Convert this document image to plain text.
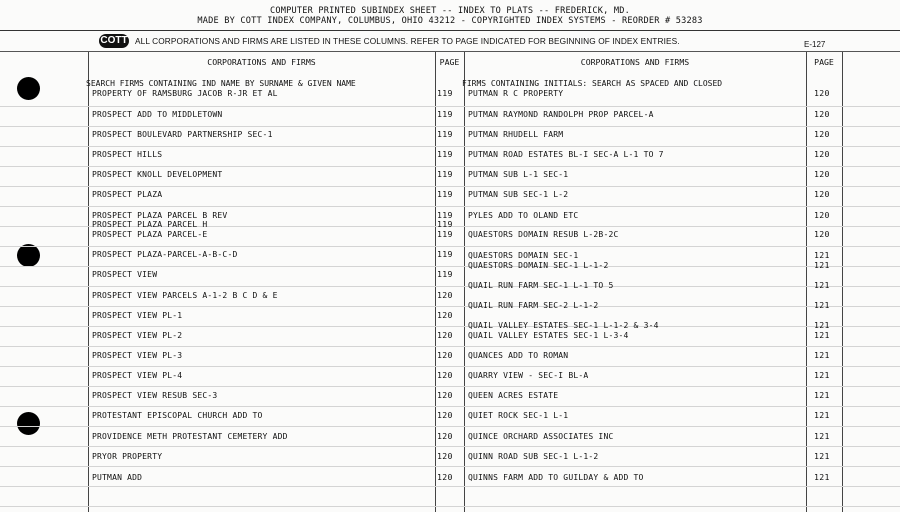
COMPUTER PRINTED SUBINDEX SHEET -- INDEX TO PLATS -- FREDERICK, MD.
MADE BY COTT INDEX COMPANY, COLUMBUS, OHIO 43212 - COPYRIGHTED INDEX SYSTEMS - REORDER # 53283
COTT ALL CORPORATIONS AND FIRMS ARE LISTED IN THESE COLUMNS. REFER TO PAGE INDICATED FOR BEGINNING OF INDEX ENTRIES.	E-127
CORPORATIONS AND FIRMS	PAGE	CORPORATIONS AND FIRMS	PAGE
SEARCH FIRMS CONTAINING IND NAME BY SURNAME & GIVEN NAME	FIRMS CONTAINING INITIALS: SEARCH AS SPACED AND CLOSED
PROPERTY OF RAMSBURG JACOB R-JR ET AL	119
PROSPECT ADD TO MIDDLETOWN	119
PROSPECT BOULEVARD PARTNERSHIP SEC-1	119
PROSPECT HILLS	119
PROSPECT KNOLL DEVELOPMENT	119
PROSPECT PLAZA	119
PROSPECT PLAZA PARCEL B REV	119
PROSPECT PLAZA PARCEL H	119
PROSPECT PLAZA PARCEL-E	119
PROSPECT PLAZA-PARCEL-A-B-C-D	119
PROSPECT VIEW	119
PROSPECT VIEW PARCELS A-1-2 B C D & E	120
PROSPECT VIEW PL-1	120
PROSPECT VIEW PL-2	120
PROSPECT VIEW PL-3	120
PROSPECT VIEW PL-4	120
PROSPECT VIEW RESUB SEC-3	120
PROTESTANT EPISCOPAL CHURCH ADD TO	120
PROVIDENCE METH PROTESTANT CEMETERY ADD	120
PRYOR PROPERTY	120
PUTMAN ADD	120
PUTMAN R C PROPERTY	120
PUTMAN RAYMOND RANDOLPH PROP PARCEL-A	120
PUTMAN RHUDELL FARM	120
PUTMAN ROAD ESTATES BL-I SEC-A L-1 TO 7	120
PUTMAN SUB L-1 SEC-1	120
PUTMAN SUB SEC-1 L-2	120
PYLES ADD TO OLAND ETC	120
QUAESTORS DOMAIN RESUB L-2B-2C	120
QUAESTORS DOMAIN SEC-1	121
QUAESTORS DOMAIN SEC-1 L-1-2	121
QUAIL RUN FARM SEC-1 L-1 TO 5	121
QUAIL RUN FARM SEC-2 L-1-2	121
QUAIL VALLEY ESTATES SEC-1 L-1-2 & 3-4	121
QUAIL VALLEY ESTATES SEC-1 L-3-4	121
QUANCES ADD TO ROMAN	121
QUARRY VIEW - SEC-I BL-A	121
QUEEN ACRES ESTATE	121
QUIET ROCK SEC-1 L-1	121
QUINCE ORCHARD ASSOCIATES INC	121
QUINN ROAD SUB SEC-1 L-1-2	121
QUINNS FARM ADD TO GUILDAY & ADD TO	121
